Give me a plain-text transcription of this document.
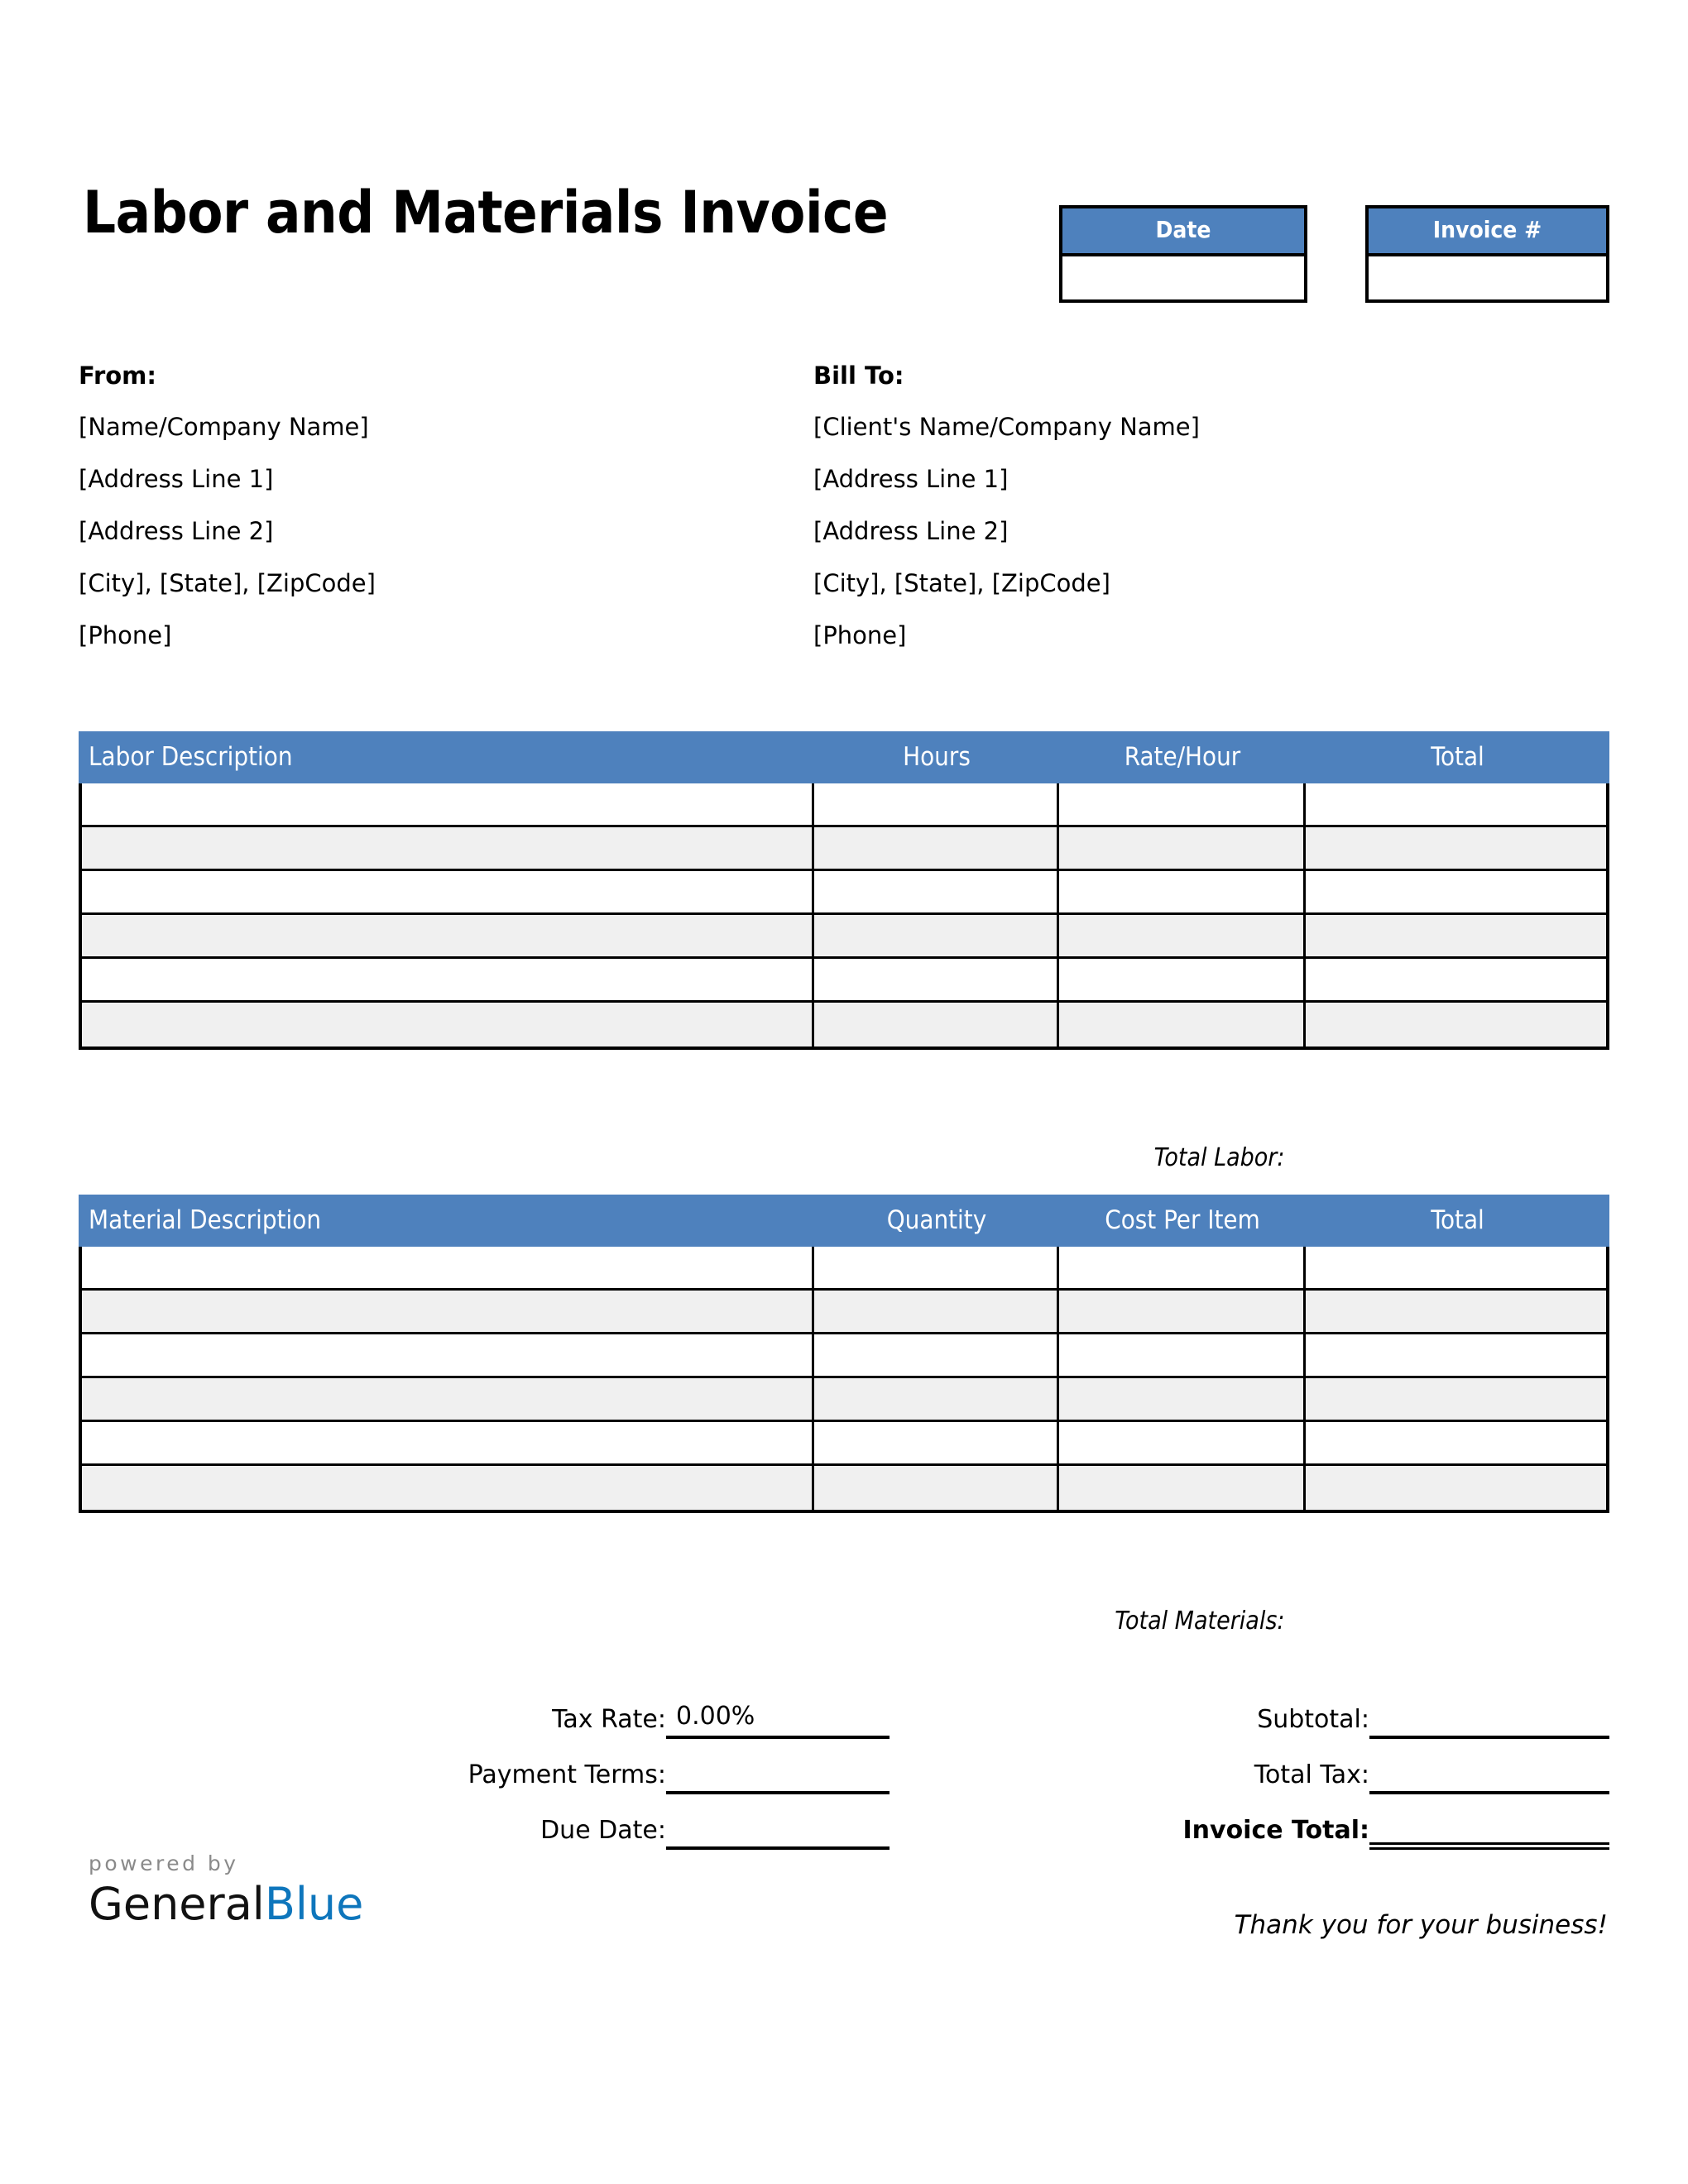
Labor and Materials Invoice	Date	Invoice #
From:
[Name/Company Name]
[Address Line 1]
[Address Line 2]
[City], [State], [ZipCode]
[Phone]
Bill To:
[Client's Name/Company Name]
[Address Line 1]
[Address Line 2]
[City], [State], [ZipCode]
[Phone]
Labor Description	Hours	Rate/Hour	Total
Total Labor:
Material Description	Quantity	Cost Per Item	Total
Total Materials:
Tax Rate: 0.00%
Payment Terms:
Due Date:
Subtotal:
Total Tax:
Invoice Total:
powered by
GeneralBlue	Thank you for your business!
